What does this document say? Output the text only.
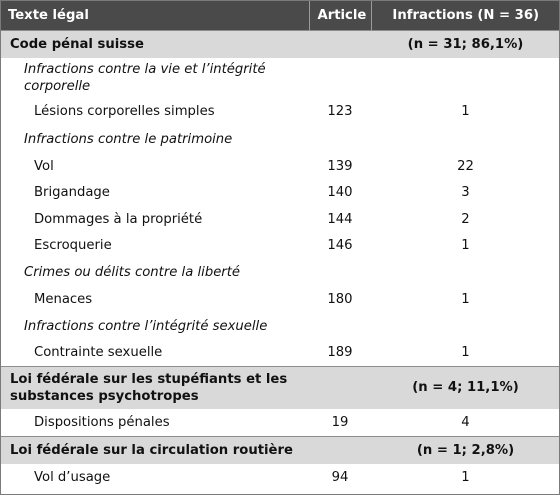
Texte légal	Article	Infractions (N = 36)
Code pénal suisse		(n = 31; 86,1%)
Infractions contre la vie et l’intégrité corporelle		
Lésions corporelles simples	123	1
Infractions contre le patrimoine		
Vol	139	22
Brigandage	140	3
Dommages à la propriété	144	2
Escroquerie	146	1
Crimes ou délits contre la liberté		
Menaces	180	1
Infractions contre l’intégrité sexuelle		
Contrainte sexuelle	189	1
Loi fédérale sur les stupéfiants et les substances psychotropes		(n = 4; 11,1%)
Dispositions pénales	19	4
Loi fédérale sur la circulation routière		(n = 1; 2,8%)
Vol d’usage	94	1
